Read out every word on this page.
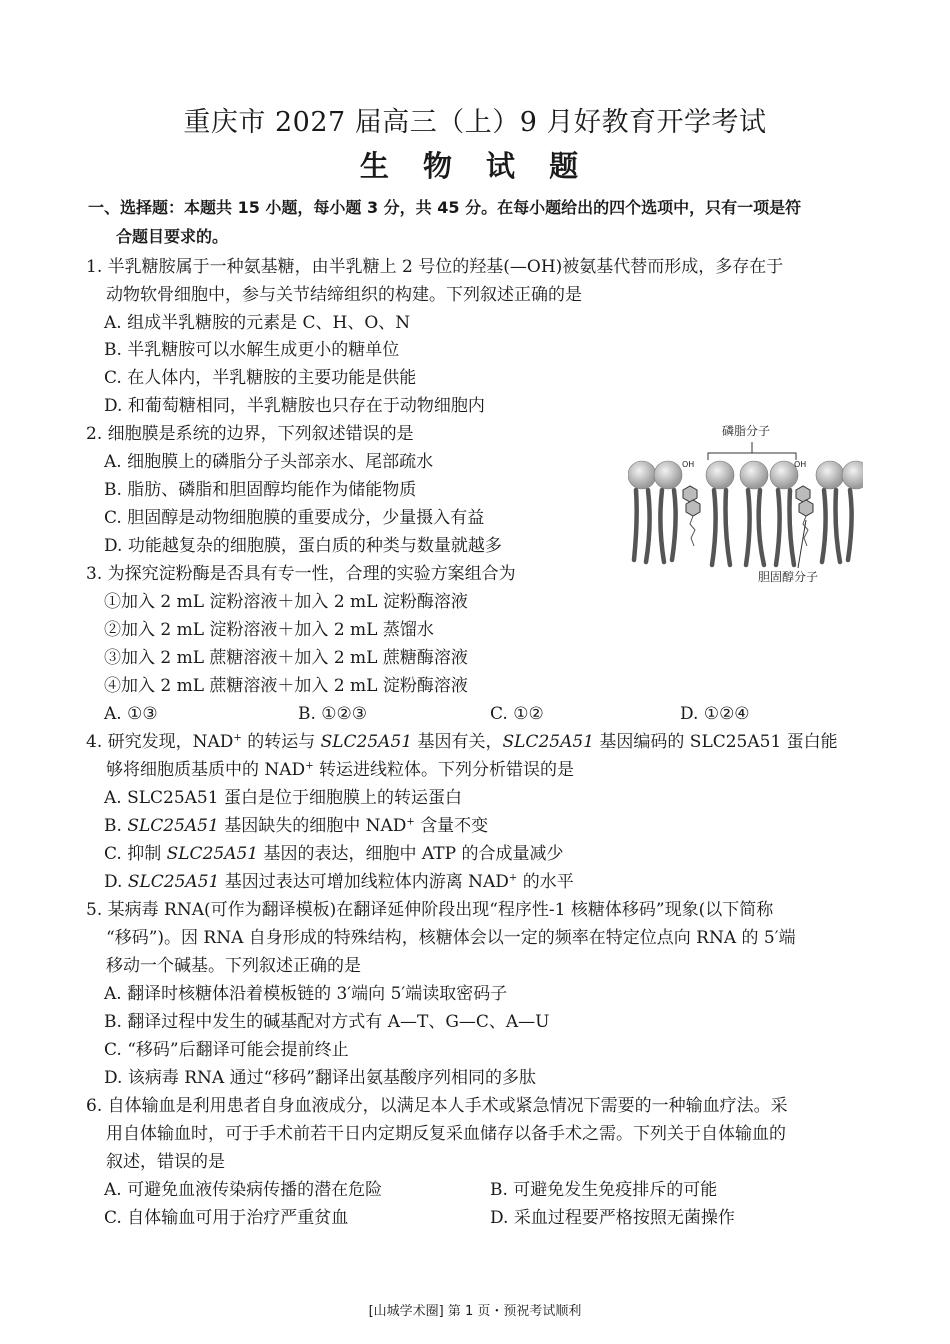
重庆市 2027 届高三（上）9 月好教育开学考试
生 物 试 题
一、选择题：本题共 15 小题，每小题 3 分，共 45 分。在每小题给出的四个选项中，只有一项是符
合题目要求的。
1. 半乳糖胺属于一种氨基糖，由半乳糖上 2 号位的羟基(—OH)被氨基代替而形成，多存在于
动物软骨细胞中，参与关节结缔组织的构建。下列叙述正确的是
A. 组成半乳糖胺的元素是 C、H、O、N
B. 半乳糖胺可以水解生成更小的糖单位
C. 在人体内，半乳糖胺的主要功能是供能
D. 和葡萄糖相同，半乳糖胺也只存在于动物细胞内
2. 细胞膜是系统的边界，下列叙述错误的是
A. 细胞膜上的磷脂分子头部亲水、尾部疏水
B. 脂肪、磷脂和胆固醇均能作为储能物质
C. 胆固醇是动物细胞膜的重要成分，少量摄入有益
D. 功能越复杂的细胞膜，蛋白质的种类与数量就越多
OH	OH
磷脂分子
胆固醇分子
3. 为探究淀粉酶是否具有专一性，合理的实验方案组合为
①加入 2 mL 淀粉溶液＋加入 2 mL 淀粉酶溶液
②加入 2 mL 淀粉溶液＋加入 2 mL 蒸馏水
③加入 2 mL 蔗糖溶液＋加入 2 mL 蔗糖酶溶液
④加入 2 mL 蔗糖溶液＋加入 2 mL 淀粉酶溶液
A. ①③	B. ①②③	C. ①②	D. ①②④
4. 研究发现，NAD+ 的转运与 SLC25A51 基因有关，SLC25A51 基因编码的 SLC25A51 蛋白能
够将细胞质基质中的 NAD+ 转运进线粒体。下列分析错误的是
A. SLC25A51 蛋白是位于细胞膜上的转运蛋白
B. SLC25A51 基因缺失的细胞中 NAD+ 含量不变
C. 抑制 SLC25A51 基因的表达，细胞中 ATP 的合成量减少
D. SLC25A51 基因过表达可增加线粒体内游离 NAD+ 的水平
5. 某病毒 RNA(可作为翻译模板)在翻译延伸阶段出现“程序性-1 核糖体移码”现象(以下简称
“移码”)。因 RNA 自身形成的特殊结构，核糖体会以一定的频率在特定位点向 RNA 的 5′端
移动一个碱基。下列叙述正确的是
A. 翻译时核糖体沿着模板链的 3′端向 5′端读取密码子
B. 翻译过程中发生的碱基配对方式有 A—T、G—C、A—U
C. “移码”后翻译可能会提前终止
D. 该病毒 RNA 通过“移码”翻译出氨基酸序列相同的多肽
6. 自体输血是利用患者自身血液成分，以满足本人手术或紧急情况下需要的一种输血疗法。采
用自体输血时，可于手术前若干日内定期反复采血储存以备手术之需。下列关于自体输血的
叙述，错误的是
A. 可避免血液传染病传播的潜在危险	B. 可避免发生免疫排斥的可能
C. 自体输血可用于治疗严重贫血	D. 采血过程要严格按照无菌操作
[山城学术圈] 第 1 页・预祝考试顺利
